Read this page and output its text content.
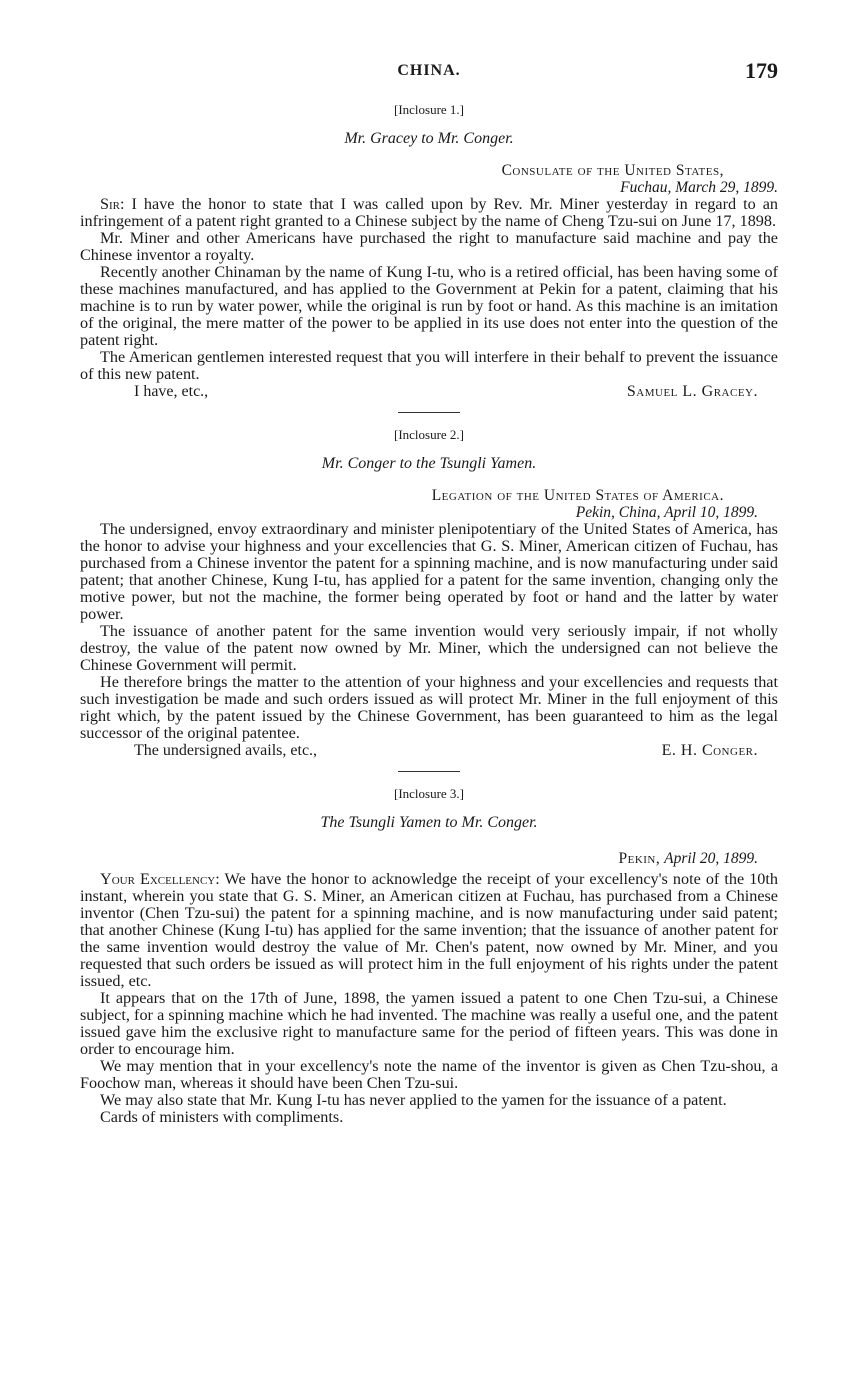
CHINA.	179
[Inclosure 1.]
Mr. Gracey to Mr. Conger.
Consulate of the United States,
Fuchau, March 29, 1899.

Sir: I have the honor to state that I was called upon by Rev. Mr. Miner yesterday in regard to an infringement of a patent right granted to a Chinese subject by the name of Cheng Tzu-sui on June 17, 1898.

Mr. Miner and other Americans have purchased the right to manufacture said machine and pay the Chinese inventor a royalty.

Recently another Chinaman by the name of Kung I-tu, who is a retired official, has been having some of these machines manufactured, and has applied to the Government at Pekin for a patent, claiming that his machine is to run by water power, while the original is run by foot or hand. As this machine is an imitation of the original, the mere matter of the power to be applied in its use does not enter into the question of the patent right.

The American gentlemen interested request that you will interfere in their behalf to prevent the issuance of this new patent.

I have, etc.,	Samuel L. Gracey.
[Inclosure 2.]
Mr. Conger to the Tsungli Yamen.
Legation of the United States of America.
Pekin, China, April 10, 1899.

The undersigned, envoy extraordinary and minister plenipotentiary of the United States of America, has the honor to advise your highness and your excellencies that G. S. Miner, American citizen of Fuchau, has purchased from a Chinese inventor the patent for a spinning machine, and is now manufacturing under said patent; that another Chinese, Kung I-tu, has applied for a patent for the same invention, changing only the motive power, but not the machine, the former being operated by foot or hand and the latter by water power.

The issuance of another patent for the same invention would very seriously impair, if not wholly destroy, the value of the patent now owned by Mr. Miner, which the undersigned can not believe the Chinese Government will permit.

He therefore brings the matter to the attention of your highness and your excellencies and requests that such investigation be made and such orders issued as will protect Mr. Miner in the full enjoyment of this right which, by the patent issued by the Chinese Government, has been guaranteed to him as the legal successor of the original patentee.

The undersigned avails, etc.,	E. H. Conger.
[Inclosure 3.]
The Tsungli Yamen to Mr. Conger.
Pekin, April 20, 1899.

Your Excellency: We have the honor to acknowledge the receipt of your excellency's note of the 10th instant, wherein you state that G. S. Miner, an American citizen at Fuchau, has purchased from a Chinese inventor (Chen Tzu-sui) the patent for a spinning machine, and is now manufacturing under said patent; that another Chinese (Kung I-tu) has applied for the same invention; that the issuance of another patent for the same invention would destroy the value of Mr. Chen's patent, now owned by Mr. Miner, and you requested that such orders be issued as will protect him in the full enjoyment of his rights under the patent issued, etc.

It appears that on the 17th of June, 1898, the yamen issued a patent to one Chen Tzu-sui, a Chinese subject, for a spinning machine which he had invented. The machine was really a useful one, and the patent issued gave him the exclusive right to manufacture same for the period of fifteen years. This was done in order to encourage him.

We may mention that in your excellency's note the name of the inventor is given as Chen Tzu-shou, a Foochow man, whereas it should have been Chen Tzu-sui.

We may also state that Mr. Kung I-tu has never applied to the yamen for the issuance of a patent.

Cards of ministers with compliments.
